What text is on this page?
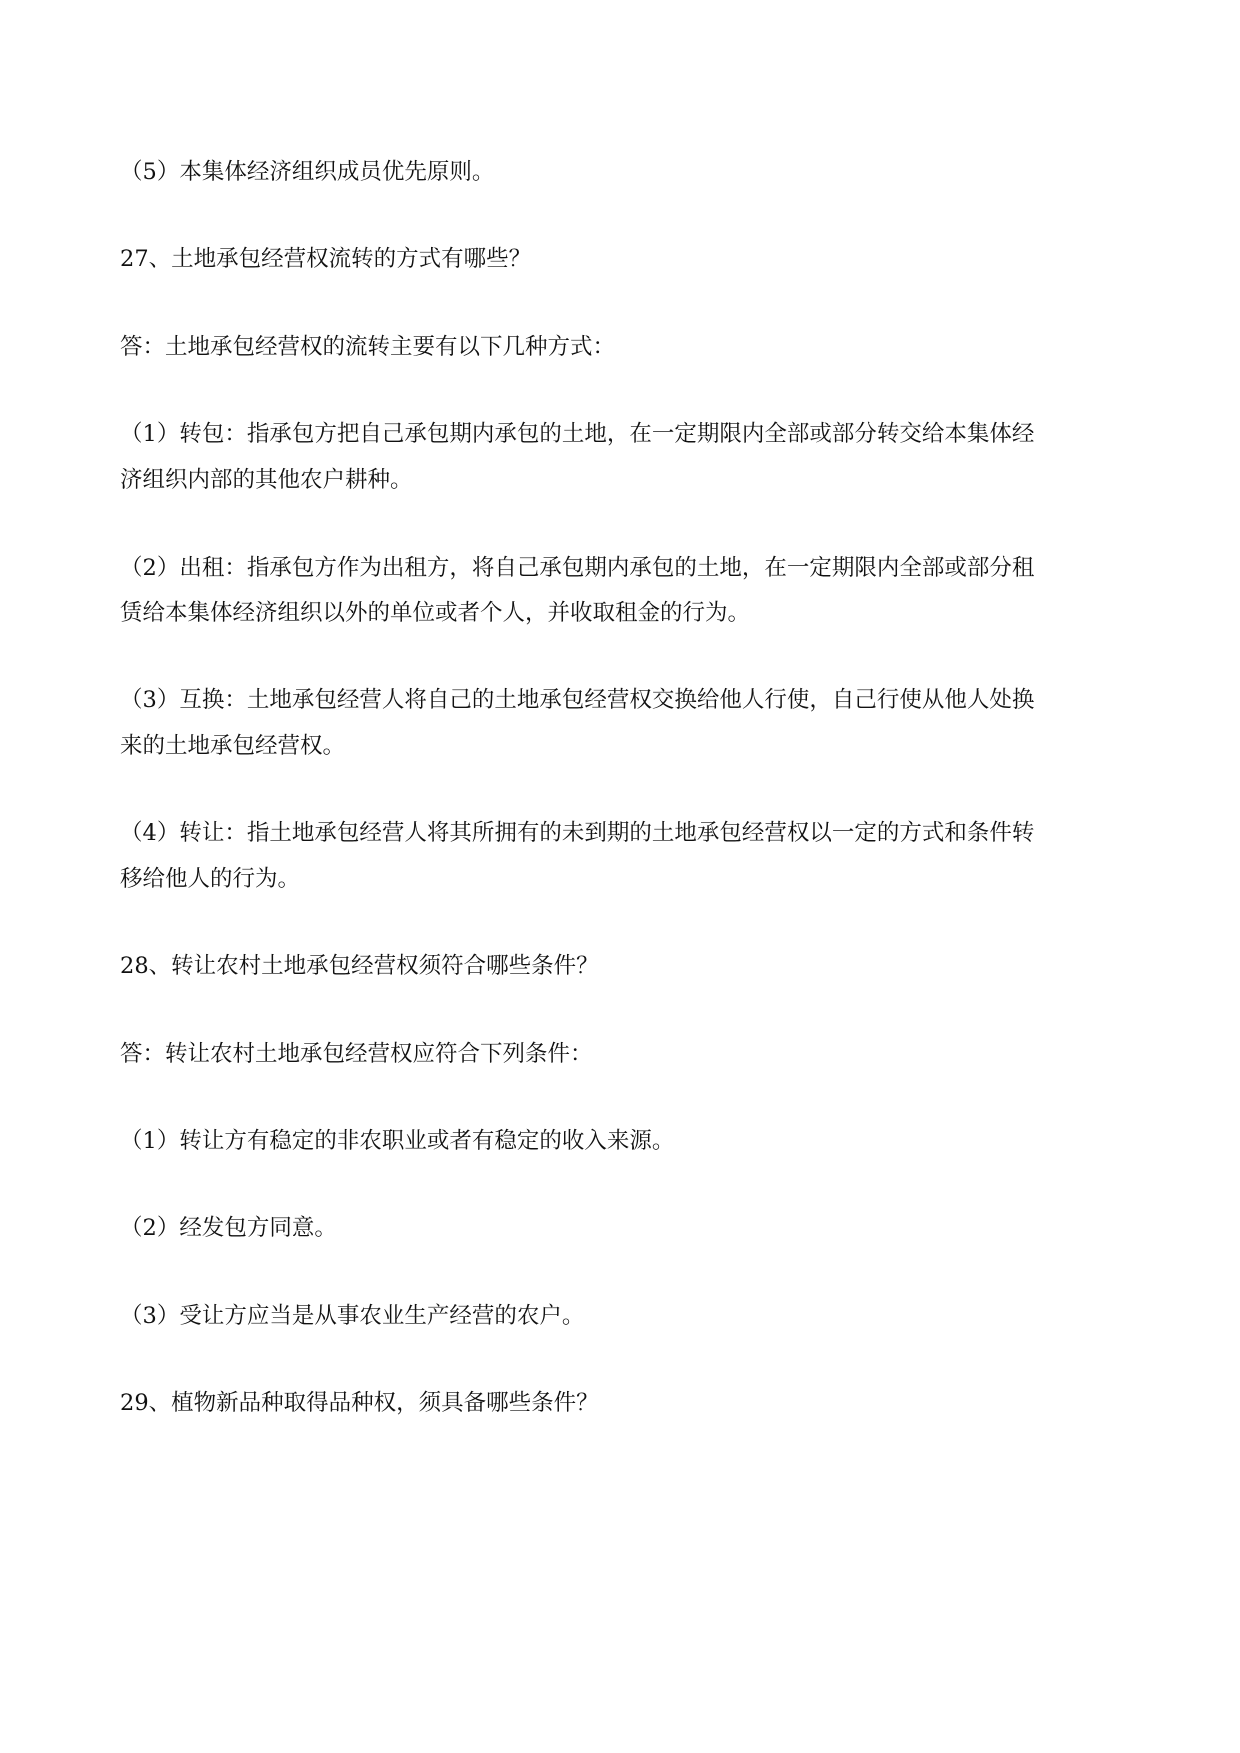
（5）本集体经济组织成员优先原则。
27、土地承包经营权流转的方式有哪些？
答：土地承包经营权的流转主要有以下几种方式：
（1）转包：指承包方把自己承包期内承包的土地，在一定期限内全部或部分转交给本集体经
济组织内部的其他农户耕种。
（2）出租：指承包方作为出租方，将自己承包期内承包的土地，在一定期限内全部或部分租
赁给本集体经济组织以外的单位或者个人，并收取租金的行为。
（3）互换：土地承包经营人将自己的土地承包经营权交换给他人行使，自己行使从他人处换
来的土地承包经营权。
（4）转让：指土地承包经营人将其所拥有的未到期的土地承包经营权以一定的方式和条件转
移给他人的行为。
28、转让农村土地承包经营权须符合哪些条件？
答：转让农村土地承包经营权应符合下列条件：
（1）转让方有稳定的非农职业或者有稳定的收入来源。
（2）经发包方同意。
（3）受让方应当是从事农业生产经营的农户。
29、植物新品种取得品种权，须具备哪些条件？
